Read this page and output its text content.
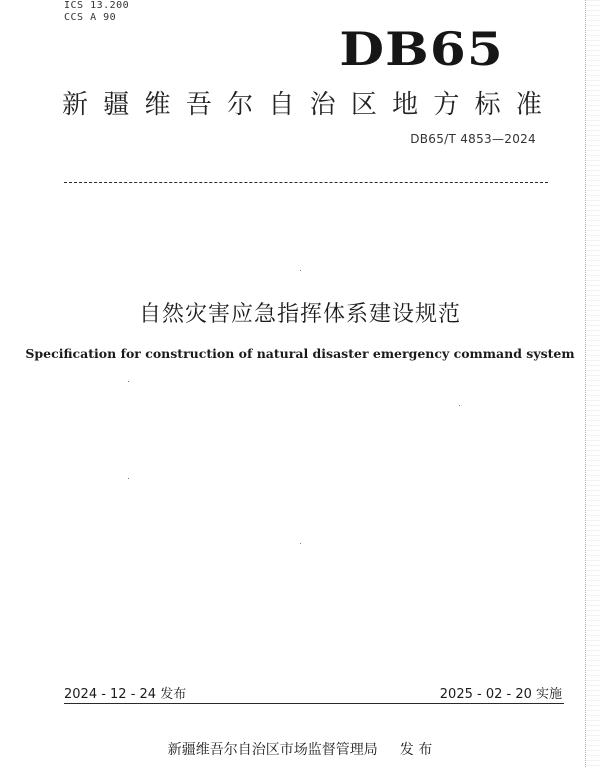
ICS 13.200
CCS A 90
DB65
新 疆 维 吾 尔 自 治 区 地 方 标 准
DB65/T 4853—2024
自然灾害应急指挥体系建设规范
Specification for construction of natural disaster emergency command system
2024 - 12 - 24 发布	2025 - 02 - 20 实施
新疆维吾尔自治区市场监督管理局 发 布
